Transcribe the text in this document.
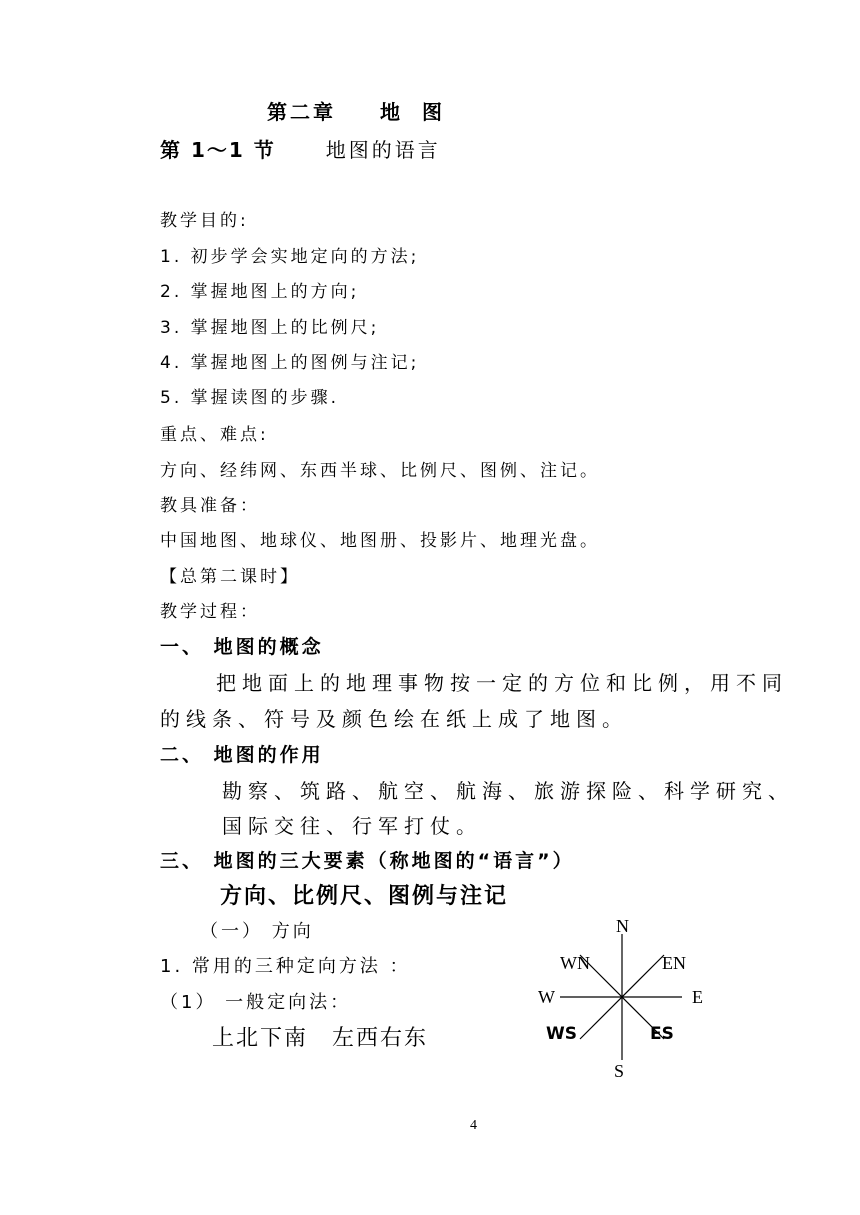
第二章 地图
第 1～1 节	地图的语言
教学目的:
1. 初步学会实地定向的方法;
2. 掌握地图上的方向;
3. 掌握地图上的比例尺;
4. 掌握地图上的图例与注记;
5. 掌握读图的步骤.
重点、难点:
方向、经纬网、东西半球、比例尺、图例、注记。
教具准备：
中国地图、地球仪、地图册、投影片、地理光盘。
【总第二课时】
教学过程：
一、 地图的概念
把地面上的地理事物按一定的方位和比例，用不同
的线条、符号及颜色绘在纸上成了地图。
二、 地图的作用
勘察、筑路、航空、航海、旅游探险、科学研究、
国际交往、行军打仗。
三、 地图的三大要素（称地图的“语言”）
方向、比例尺、图例与注记
（一） 方向
1. 常用的三种定向方法 ：
（1） 一般定向法：
上北下南　左西右东
N
S
W	E
WN	EN
WS	ES
4
